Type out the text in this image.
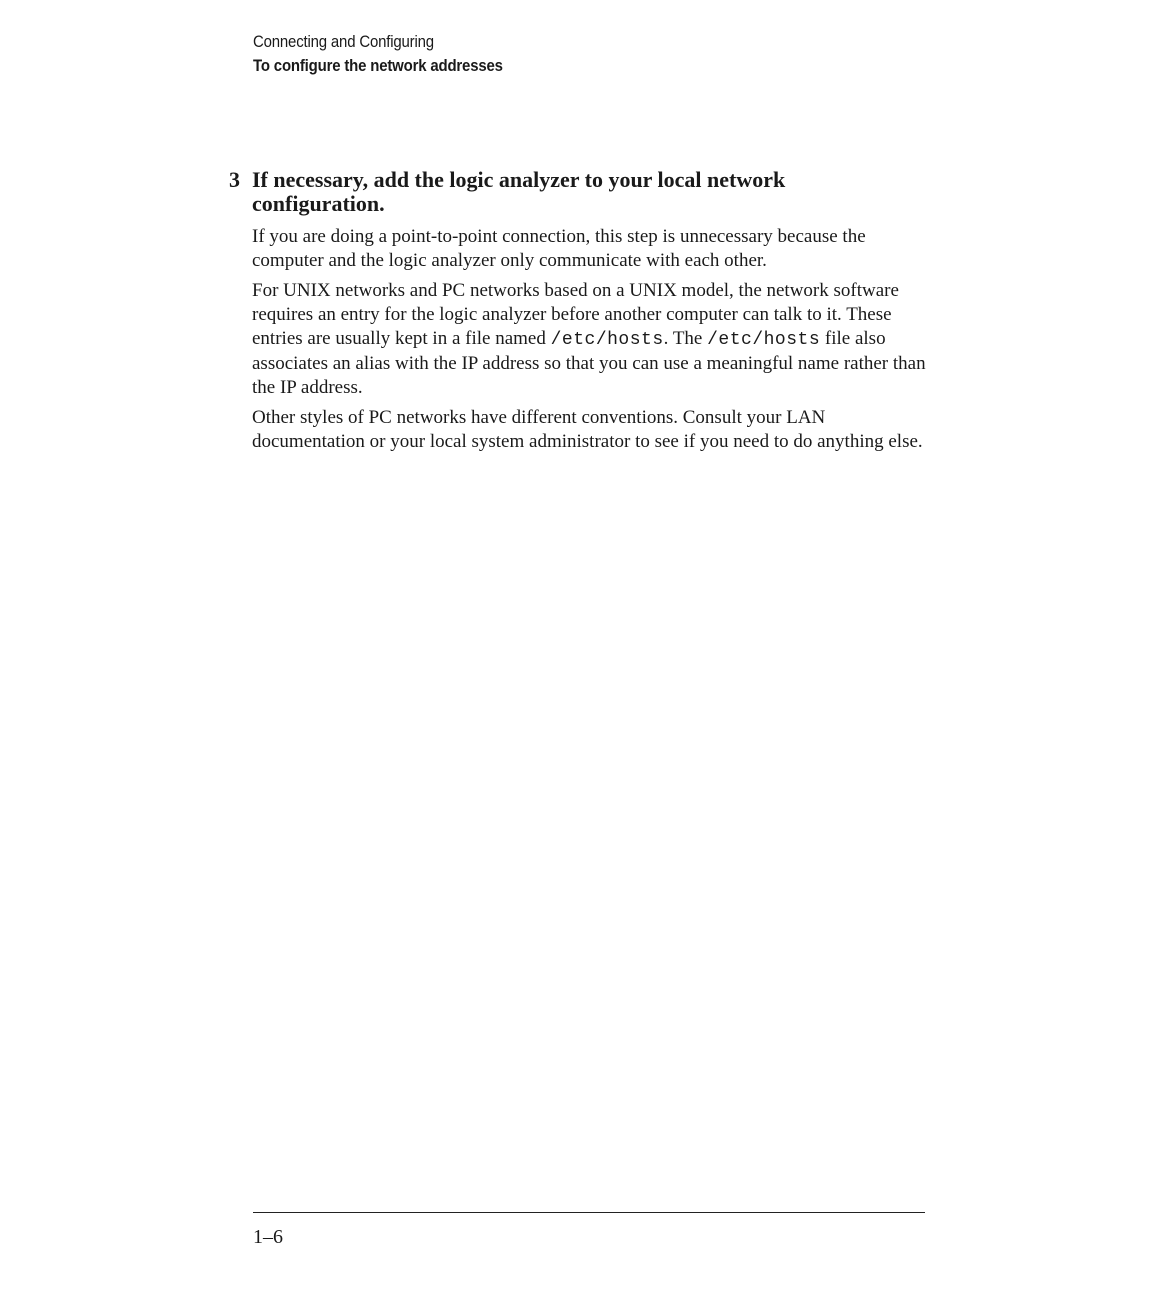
Connecting and Configuring
To configure the network addresses
3 If necessary, add the logic analyzer to your local network configuration.

If you are doing a point-to-point connection, this step is unnecessary because the computer and the logic analyzer only communicate with each other.

For UNIX networks and PC networks based on a UNIX model, the network software requires an entry for the logic analyzer before another computer can talk to it. These entries are usually kept in a file named /etc/hosts. The /etc/hosts file also associates an alias with the IP address so that you can use a meaningful name rather than the IP address.

Other styles of PC networks have different conventions. Consult your LAN documentation or your local system administrator to see if you need to do anything else.

1–6
